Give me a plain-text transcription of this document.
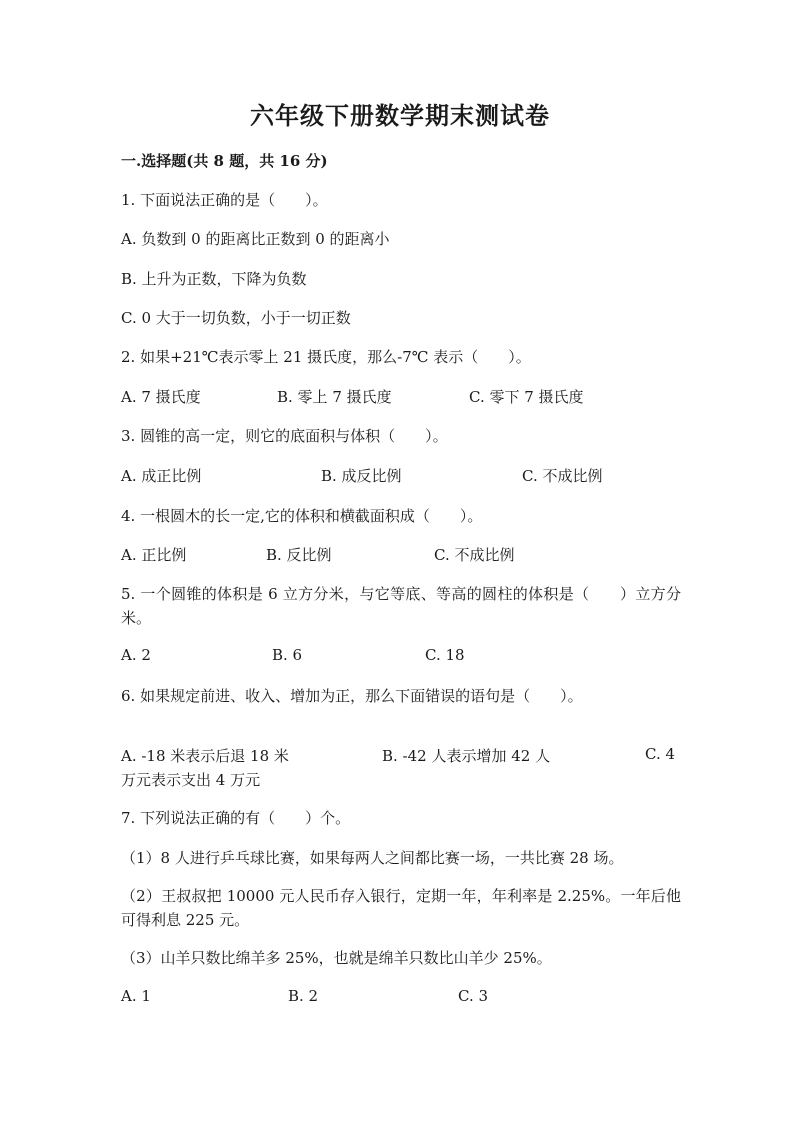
六年级下册数学期末测试卷
一.选择题(共 8 题，共 16 分)
1. 下面说法正确的是（　　）。
A. 负数到 0 的距离比正数到 0 的距离小
B. 上升为正数，下降为负数
C. 0 大于一切负数，小于一切正数
2. 如果+21℃表示零上 21 摄氏度，那么-7℃ 表示（　　）。
A. 7 摄氏度	B. 零上 7 摄氏度	C. 零下 7 摄氏度
3. 圆锥的高一定，则它的底面积与体积（　　）。
A. 成正比例	B. 成反比例	C. 不成比例
4. 一根圆木的长一定,它的体积和横截面积成（　　）。
A. 正比例	B. 反比例	C. 不成比例
5. 一个圆锥的体积是 6 立方分米，与它等底、等高的圆柱的体积是（　　）立方分米。
A. 2	B. 6	C. 18
6. 如果规定前进、收入、增加为正，那么下面错误的语句是（　　）。
A. -18 米表示后退 18 米	B. -42 人表示增加 42 人	C. 4
万元表示支出 4 万元
7. 下列说法正确的有（　　）个。
（1）8 人进行乒乓球比赛，如果每两人之间都比赛一场，一共比赛 28 场。
（2）王叔叔把 10000 元人民币存入银行，定期一年，年利率是 2.25%。一年后他可得利息 225 元。
（3）山羊只数比绵羊多 25%，也就是绵羊只数比山羊少 25%。
A. 1	B. 2	C. 3
